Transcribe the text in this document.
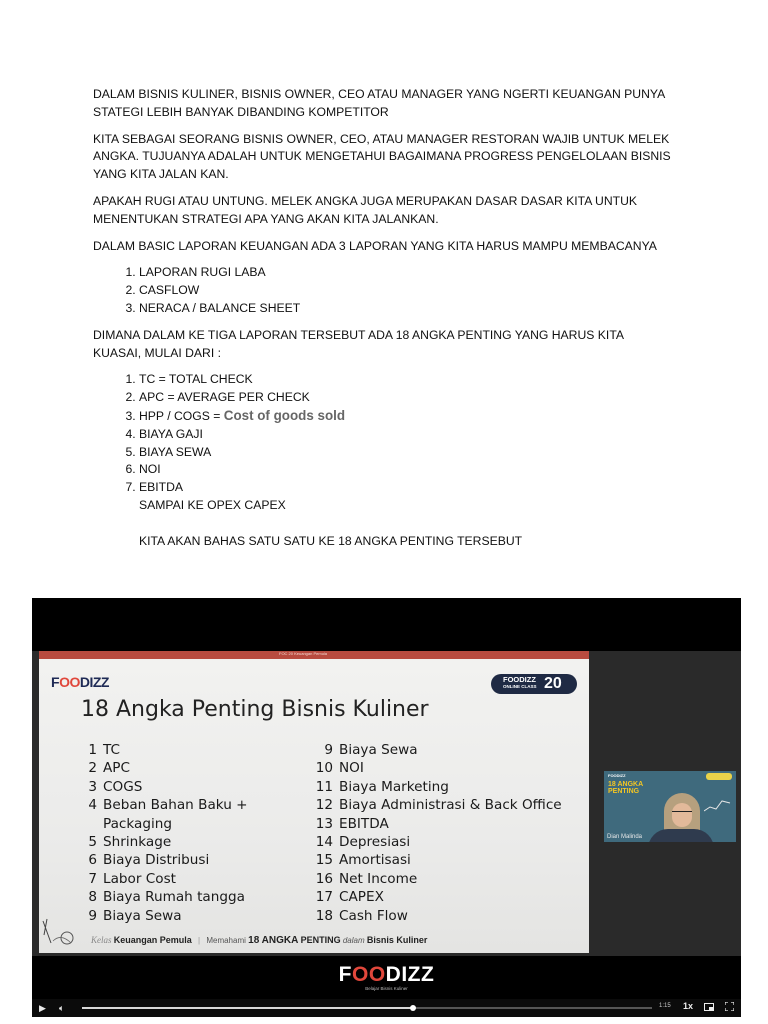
DALAM BISNIS KULINER, BISNIS OWNER, CEO ATAU MANAGER YANG NGERTI KEUANGAN PUNYA STATEGI LEBIH BANYAK DIBANDING KOMPETITOR

KITA SEBAGAI SEORANG BISNIS OWNER, CEO, ATAU MANAGER RESTORAN WAJIB UNTUK MELEK ANGKA. TUJUANYA ADALAH UNTUK MENGETAHUI BAGAIMANA PROGRESS PENGELOLAAN BISNIS YANG KITA JALAN KAN.

APAKAH RUGI ATAU UNTUNG. MELEK ANGKA JUGA MERUPAKAN DASAR DASAR KITA UNTUK MENENTUKAN STRATEGI APA YANG AKAN KITA JALANKAN.

DALAM BASIC LAPORAN KEUANGAN ADA 3 LAPORAN YANG KITA HARUS MAMPU MEMBACANYA

1. LAPORAN RUGI LABA
2. CASFLOW
3. NERACA / BALANCE SHEET

DIMANA DALAM KE TIGA LAPORAN TERSEBUT ADA 18 ANGKA PENTING YANG HARUS KITA KUASAI, MULAI DARI :

1. TC = TOTAL CHECK
2. APC = AVERAGE PER CHECK
3. HPP / COGS = Cost of goods sold
4. BIAYA GAJI
5. BIAYA SEWA
6. NOI
7. EBITDA
SAMPAI KE OPEX CAPEX
KITA AKAN BAHAS SATU SATU KE 18 ANGKA PENTING TERSEBUT
FOC 20 Keuangan Pemula
FOODIZZ	FOODIZZ
ONLINE CLASS 20
18 Angka Penting Bisnis Kuliner
1 TC
2 APC
3 COGS
4 Beban Bahan Baku +
Packaging
5 Shrinkage
6 Biaya Distribusi
7 Labor Cost
8 Biaya Rumah tangga
9 Biaya Sewa
9 Biaya Sewa
10 NOI
11 Biaya Marketing
12 Biaya Administrasi & Back Office
13 EBITDA
14 Depresiasi
15 Amortisasi
16 Net Income
17 CAPEX
18 Cash Flow
Kelas Keuangan Pemula | Memahami 18 ANGKA PENTING dalam Bisnis Kuliner
FOODIZZ
18 ANGKA PENTING
Dian Malinda
FOODIZZ
Belajar Bisnis Kuliner
▶ 🔈︎	1:15 1x
